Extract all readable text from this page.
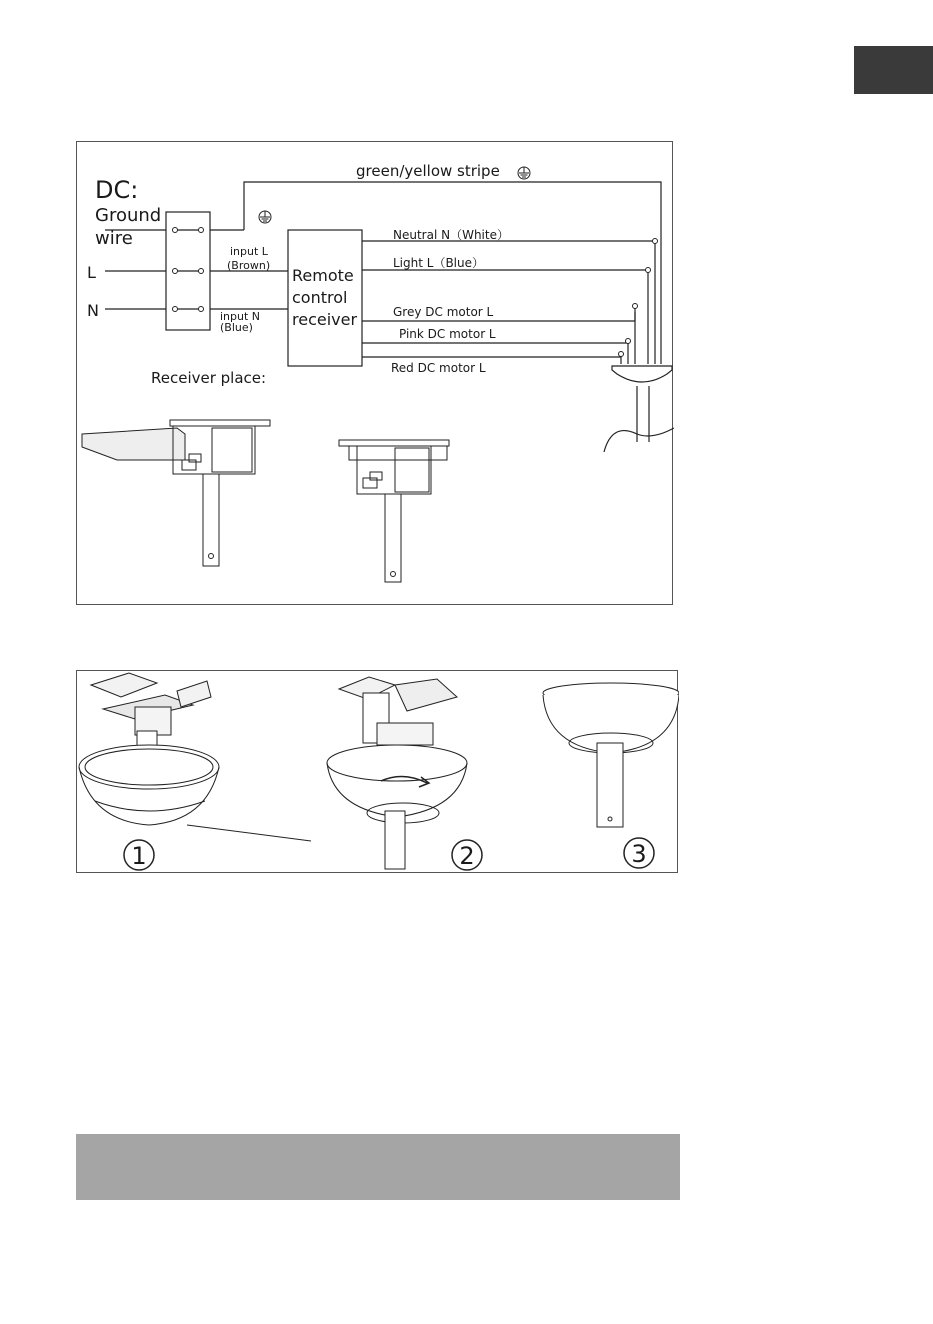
DC:
Ground
wire
L
N
green/yellow stripe
input L
(Brown)
input N
(Blue)
Remote
control
receiver
Neutral N（White）
Light L（Blue）
Grey DC motor L
Pink DC motor L
Red DC motor L
Receiver place:
1	2	3
